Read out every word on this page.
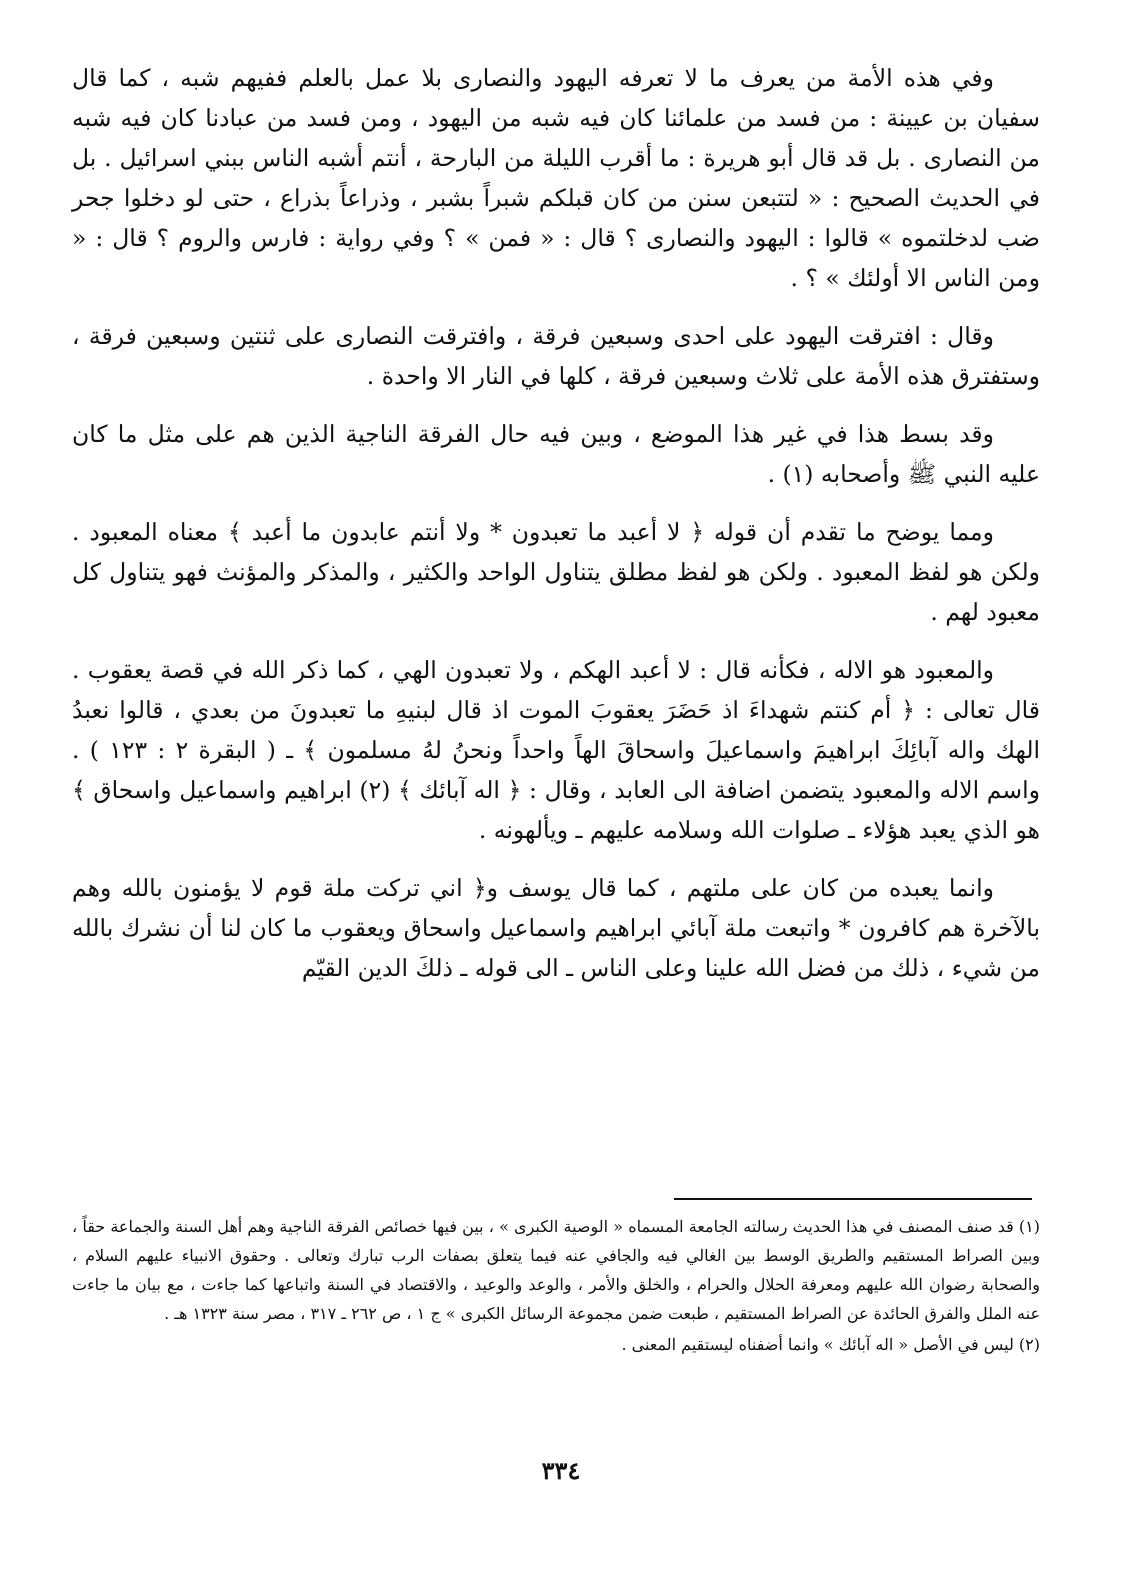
وفي هذه الأمة من يعرف ما لا تعرفه اليهود والنصارى بلا عمل بالعلم ففيهم شبه ، كما قال سفيان بن عيينة : من فسد من علمائنا كان فيه شبه من اليهود ، ومن فسد من عبادنا كان فيه شبه من النصارى . بل قد قال أبو هريرة : ما أقرب الليلة من البارحة ، أنتم أشبه الناس ببني اسرائيل . بل في الحديث الصحيح : « لتتبعن سنن من كان قبلكم شبراً بشبر ، وذراعاً بذراع ، حتى لو دخلوا جحر ضب لدخلتموه » قالوا : اليهود والنصارى ؟ قال : « فمن » ؟ وفي رواية : فارس والروم ؟ قال : « ومن الناس الا أولئك » ؟ .

وقال : افترقت اليهود على احدى وسبعين فرقة ، وافترقت النصارى على ثنتين وسبعين فرقة ، وستفترق هذه الأمة على ثلاث وسبعين فرقة ، كلها في النار الا واحدة .

وقد بسط هذا في غير هذا الموضع ، وبين فيه حال الفرقة الناجية الذين هم على مثل ما كان عليه النبي ﷺ وأصحابه (١) .

ومما يوضح ما تقدم أن قوله ﴿ لا أعبد ما تعبدون * ولا أنتم عابدون ما أعبد ﴾ معناه المعبود . ولكن هو لفظ المعبود . ولكن هو لفظ مطلق يتناول الواحد والكثير ، والمذكر والمؤنث فهو يتناول كل معبود لهم .

والمعبود هو الاله ، فكأنه قال : لا أعبد الهكم ، ولا تعبدون الهي ، كما ذكر الله في قصة يعقوب . قال تعالى : ﴿ أم كنتم شهداءَ اذ حَضَرَ يعقوبَ الموت اذ قال لبنيهِ ما تعبدونَ من بعدي ، قالوا نعبدُ الهك واله آبائِكَ ابراهيمَ واسماعيلَ واسحاقَ الهاً واحداً ونحنُ لهُ مسلمون ﴾ ـ ( البقرة ٢ : ١٢٣ ) . واسم الاله والمعبود يتضمن اضافة الى العابد ، وقال : ﴿ اله آبائك ﴾ (٢) ابراهيم واسماعيل واسحاق ﴾ هو الذي يعبد هؤلاء ـ صلوات الله وسلامه عليهم ـ ويألهونه .

وانما يعبده من كان على ملتهم ، كما قال يوسف و﴿ اني تركت ملة قوم لا يؤمنون بالله وهم بالآخرة هم كافرون * واتبعت ملة آبائي ابراهيم واسماعيل واسحاق ويعقوب ما كان لنا أن نشرك بالله من شيء ، ذلك من فضل الله علينا وعلى الناس ـ الى قوله ـ ذلكَ الدين القيّم

(١) قد صنف المصنف في هذا الحديث رسالته الجامعة المسماه « الوصية الكبرى » ، بين فيها خصائص الفرقة الناجية وهم أهل السنة والجماعة حقاً ، وبين الصراط المستقيم والطريق الوسط بين الغالي فيه والجافي عنه فيما يتعلق بصفات الرب تبارك وتعالى . وحقوق الانبياء عليهم السلام ، والصحابة رضوان الله عليهم ومعرفة الحلال والحرام ، والخلق والأمر ، والوعد والوعيد ، والاقتصاد في السنة واتباعها كما جاءت ، مع بيان ما جاءت عنه الملل والفرق الحائدة عن الصراط المستقيم ، طبعت ضمن مجموعة الرسائل الكبرى » ج ١ ، ص ٢٦٢ ـ ٣١٧ ، مصر سنة ١٣٢٣ هـ .

(٢) ليس في الأصل « اله آبائك » وانما أضفناه ليستقيم المعنى .

٣٣٤
